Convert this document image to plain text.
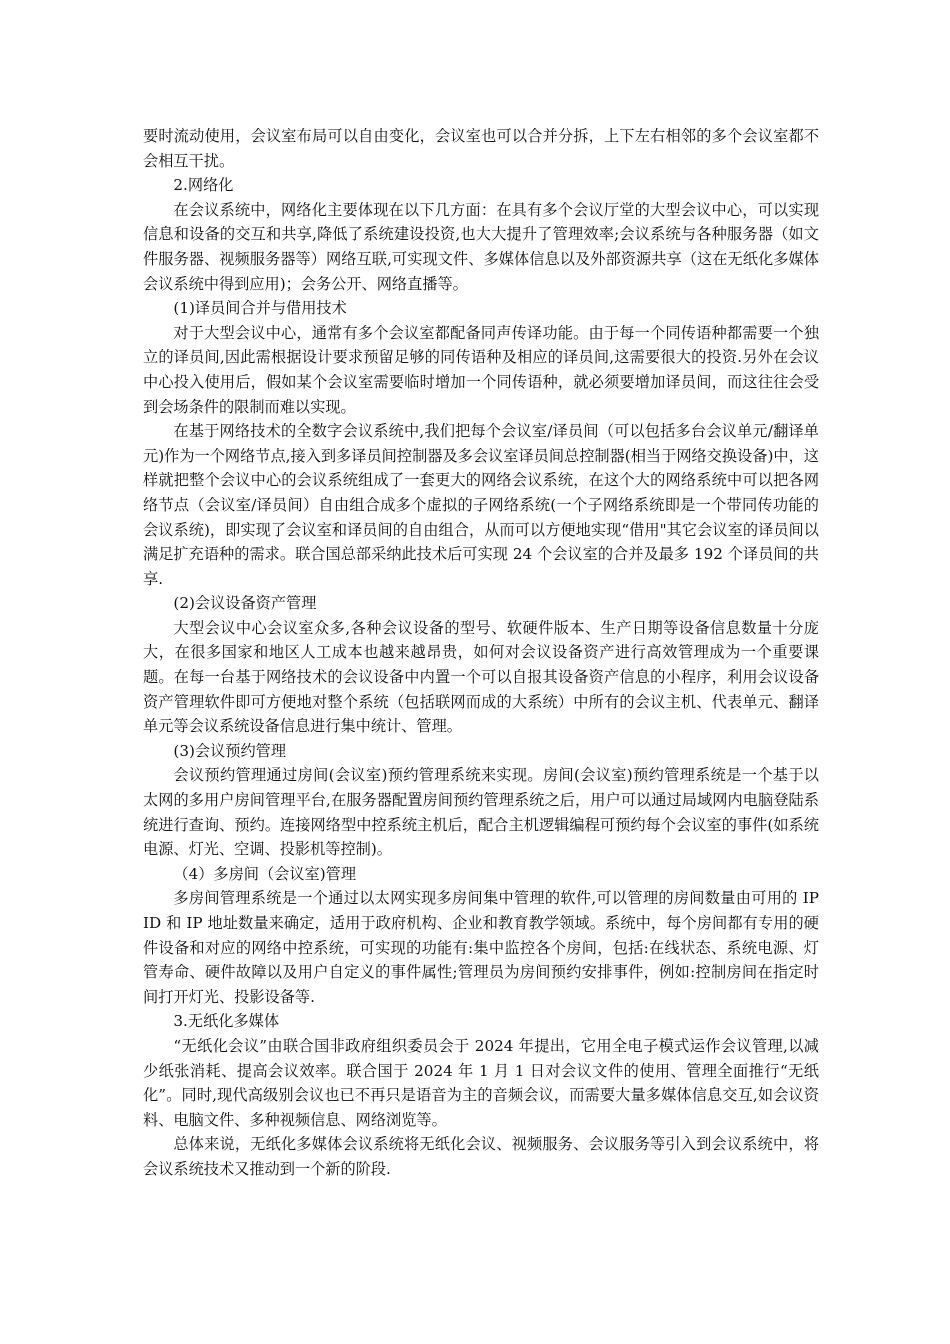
要时流动使用，会议室布局可以自由变化，会议室也可以合并分拆，上下左右相邻的多个会议室都不会相互干扰。

2.网络化

在会议系统中，网络化主要体现在以下几方面：在具有多个会议厅堂的大型会议中心，可以实现信息和设备的交互和共享,降低了系统建设投资,也大大提升了管理效率;会议系统与各种服务器（如文件服务器、视频服务器等）网络互联,可实现文件、多媒体信息以及外部资源共享（这在无纸化多媒体会议系统中得到应用)；会务公开、网络直播等。

(1)译员间合并与借用技术

对于大型会议中心，通常有多个会议室都配备同声传译功能。由于每一个同传语种都需要一个独立的译员间,因此需根据设计要求预留足够的同传语种及相应的译员间,这需要很大的投资.另外在会议中心投入使用后，假如某个会议室需要临时增加一个同传语种，就必须要增加译员间，而这往往会受到会场条件的限制而难以实现。

在基于网络技术的全数字会议系统中,我们把每个会议室/译员间（可以包括多台会议单元/翻译单元)作为一个网络节点,接入到多译员间控制器及多会议室译员间总控制器(相当于网络交换设备)中，这样就把整个会议中心的会议系统组成了一套更大的网络会议系统，在这个大的网络系统中可以把各网络节点（会议室/译员间）自由组合成多个虚拟的子网络系统(一个子网络系统即是一个带同传功能的会议系统)，即实现了会议室和译员间的自由组合，从而可以方便地实现“借用"其它会议室的译员间以满足扩充语种的需求。联合国总部采纳此技术后可实现 24 个会议室的合并及最多 192 个译员间的共享.

(2)会议设备资产管理

大型会议中心会议室众多,各种会议设备的型号、软硬件版本、生产日期等设备信息数量十分庞大，在很多国家和地区人工成本也越来越昂贵，如何对会议设备资产进行高效管理成为一个重要课题。在每一台基于网络技术的会议设备中内置一个可以自报其设备资产信息的小程序，利用会议设备资产管理软件即可方便地对整个系统（包括联网而成的大系统）中所有的会议主机、代表单元、翻译单元等会议系统设备信息进行集中统计、管理。

(3)会议预约管理

会议预约管理通过房间(会议室)预约管理系统来实现。房间(会议室)预约管理系统是一个基于以太网的多用户房间管理平台,在服务器配置房间预约管理系统之后，用户可以通过局域网内电脑登陆系统进行查询、预约。连接网络型中控系统主机后，配合主机逻辑编程可预约每个会议室的事件(如系统电源、灯光、空调、投影机等控制)。

（4）多房间（会议室)管理

多房间管理系统是一个通过以太网实现多房间集中管理的软件,可以管理的房间数量由可用的 IP ID 和 IP 地址数量来确定，适用于政府机构、企业和教育教学领域。系统中，每个房间都有专用的硬件设备和对应的网络中控系统，可实现的功能有:集中监控各个房间，包括:在线状态、系统电源、灯管寿命、硬件故障以及用户自定义的事件属性;管理员为房间预约安排事件，例如:控制房间在指定时间打开灯光、投影设备等.

3.无纸化多媒体

“无纸化会议”由联合国非政府组织委员会于 2024 年提出，它用全电子模式运作会议管理,以减少纸张消耗、提高会议效率。联合国于 2024 年 1 月 1 日对会议文件的使用、管理全面推行“无纸化”。同时,现代高级别会议也已不再只是语音为主的音频会议，而需要大量多媒体信息交互,如会议资料、电脑文件、多种视频信息、网络浏览等。

总体来说，无纸化多媒体会议系统将无纸化会议、视频服务、会议服务等引入到会议系统中，将会议系统技术又推动到一个新的阶段.
